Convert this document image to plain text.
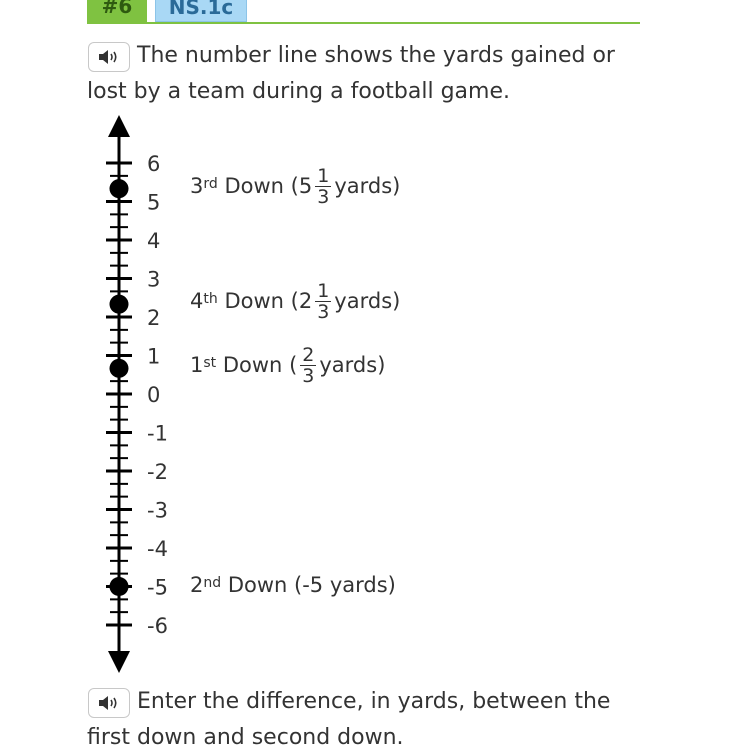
#6	NS.1c

The number line shows the yards gained or lost by a team during a football game.

6
5
4
3
2
1
0
-1
-2
-3
-4
-5
-6
3rd
Down
($5 \frac{1}{3}$ yards)
4th
Down
($2 \frac{1}{3}$ yards)
1st
Down
( $\frac{2}{3}$ yards)
2nd
Down
(-5 yards)

Enter the difference, in yards, between the first down and second down.
